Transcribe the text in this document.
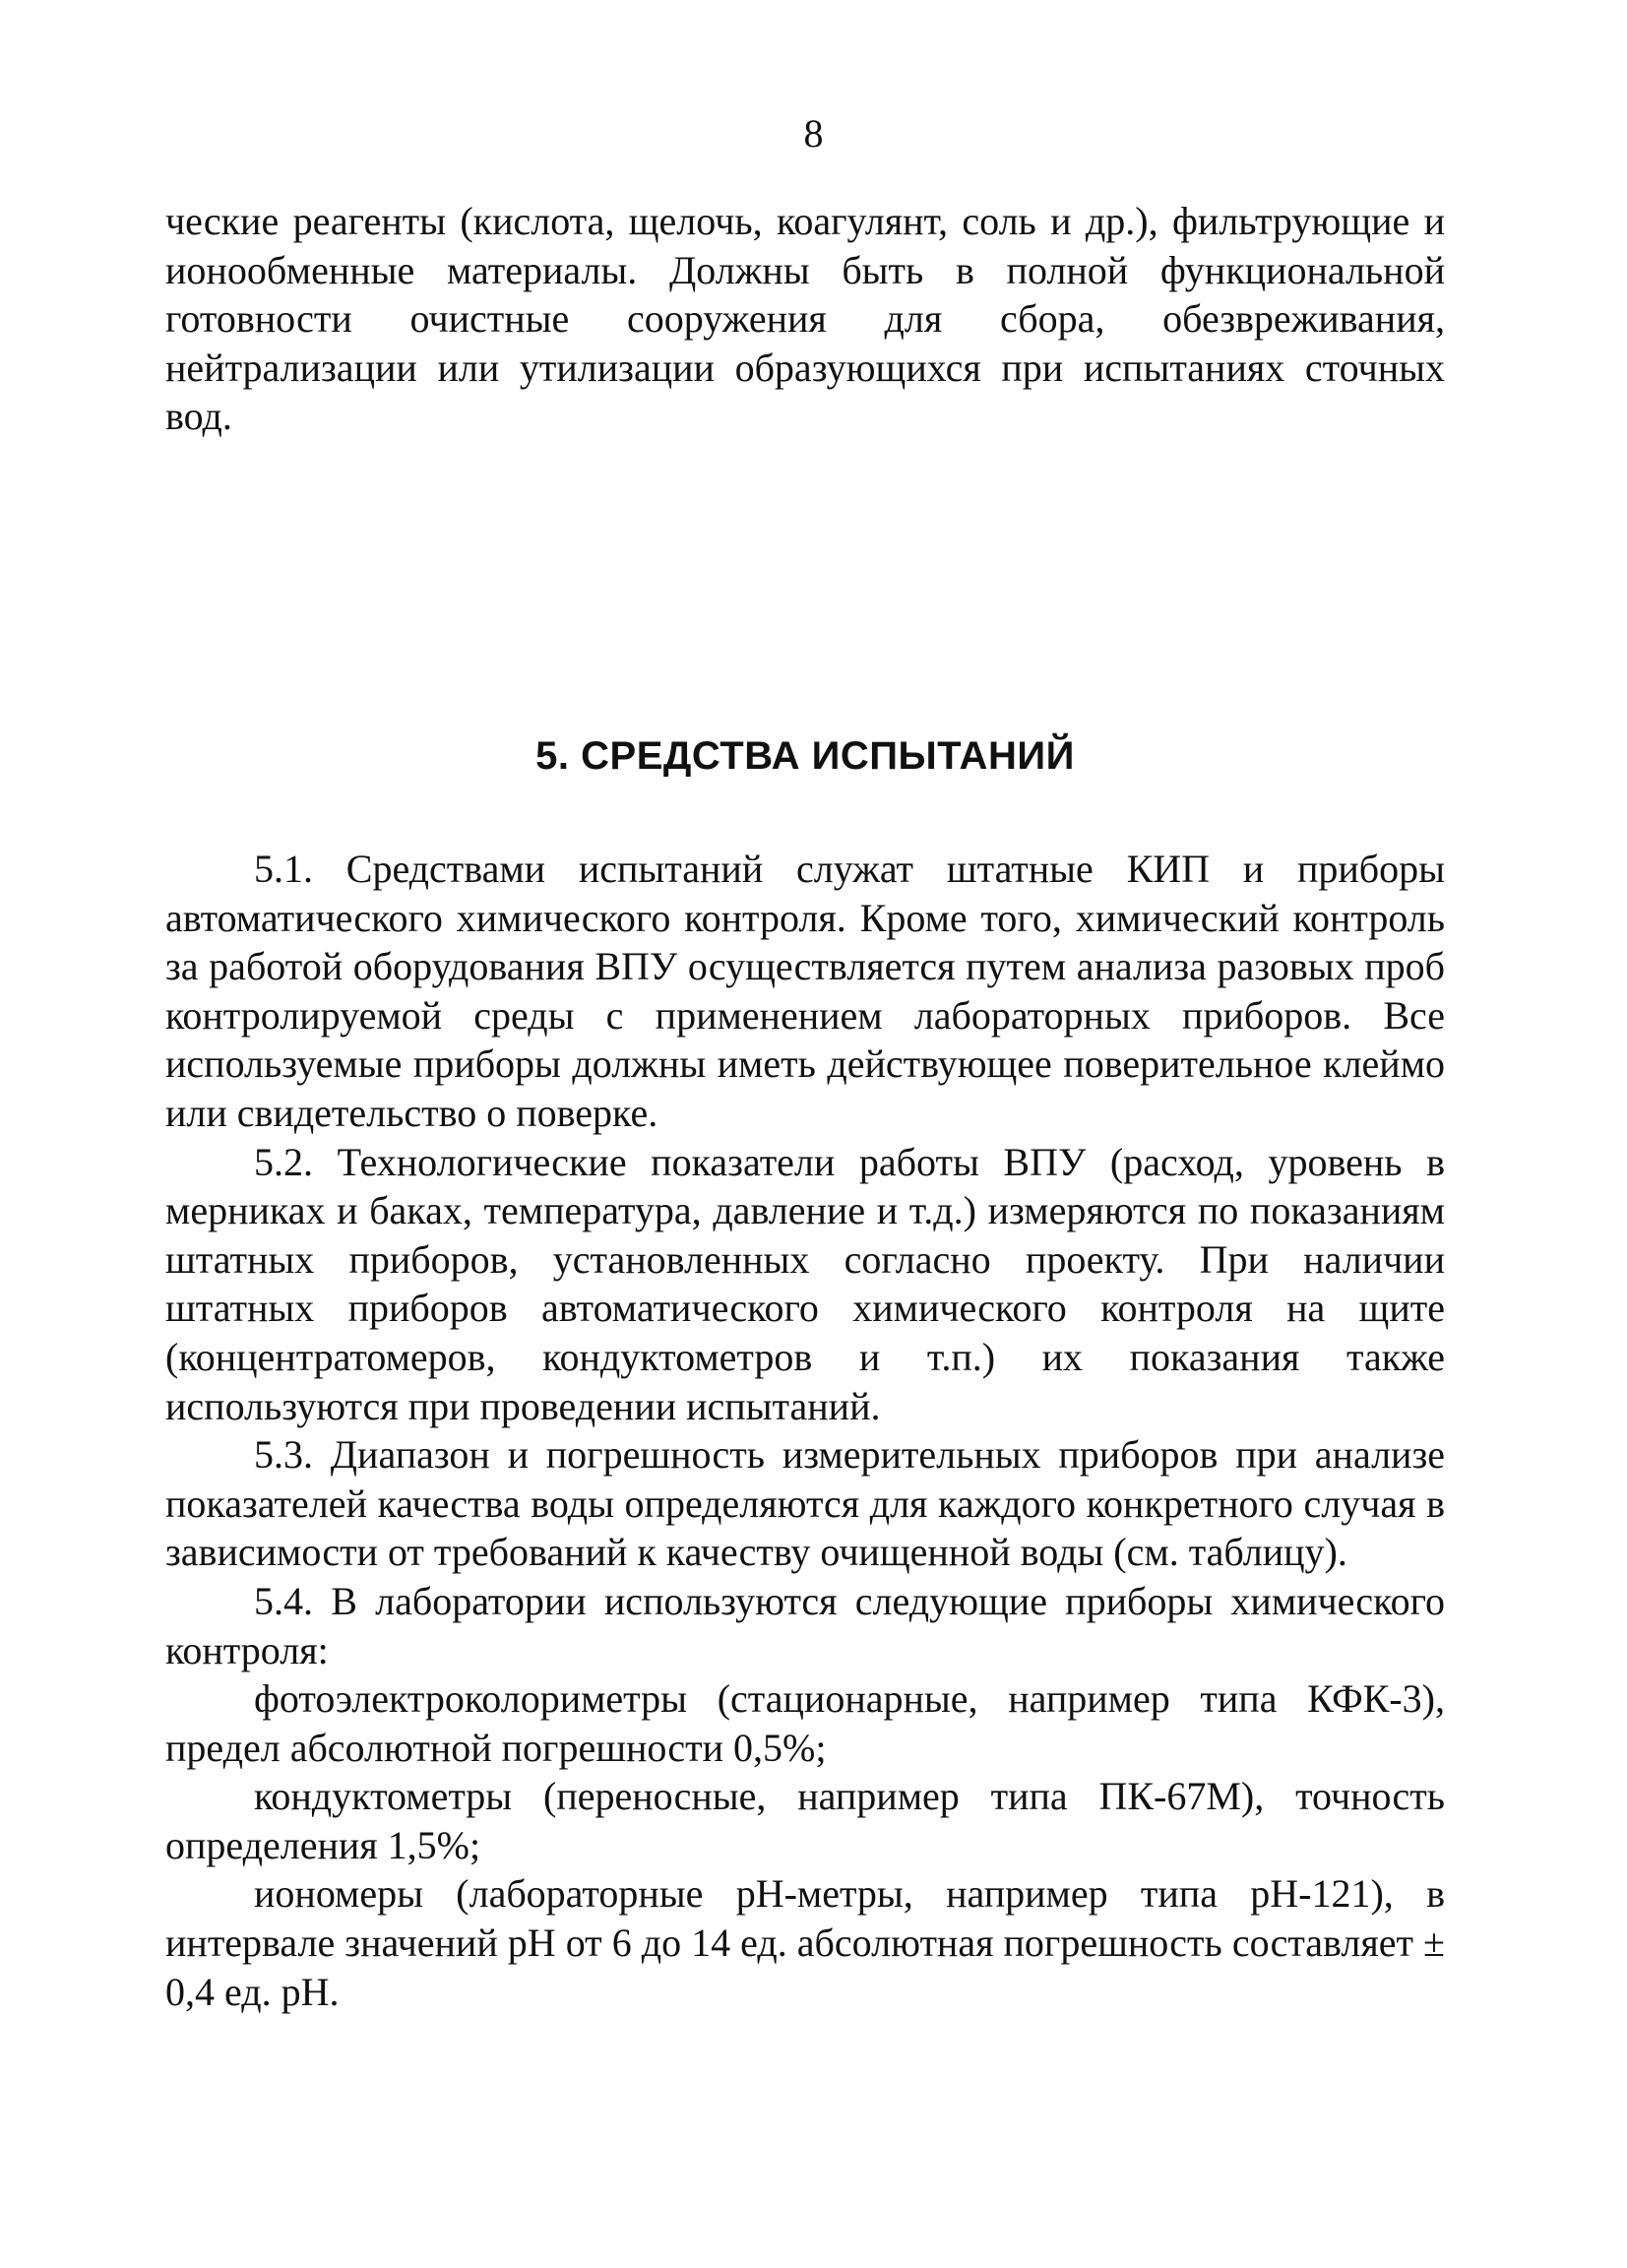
8

ческие реагенты (кислота, щелочь, коагулянт, соль и др.), фильтрующие и ионообменные материалы. Должны быть в полной функциональной готовности очистные сооружения для сбора, обезвреживания, нейтрализации или утилизации образующихся при испытаниях сточных вод.

5. СРЕДСТВА ИСПЫТАНИЙ

5.1. Средствами испытаний служат штатные КИП и приборы автоматического химического контроля. Кроме того, химический контроль за работой оборудования ВПУ осуществляется путем анализа разовых проб контролируемой среды с применением лабораторных приборов. Все используемые приборы должны иметь действующее поверительное клеймо или свидетельство о поверке.

5.2. Технологические показатели работы ВПУ (расход, уровень в мерниках и баках, температура, давление и т.д.) измеряются по показаниям штатных приборов, установленных согласно проекту. При наличии штатных приборов автоматического химического контроля на щите (концентратомеров, кондуктометров и т.п.) их показания также используются при проведении испытаний.

5.3. Диапазон и погрешность измерительных приборов при анализе показателей качества воды определяются для каждого конкретного случая в зависимости от требований к качеству очищенной воды (см. таблицу).

5.4. В лаборатории используются следующие приборы химического контроля:

фотоэлектроколориметры (стационарные, например типа КФК-3), предел абсолютной погрешности 0,5%;

кондуктометры (переносные, например типа ПК-67М), точность определения 1,5%;

иономеры (лабораторные рН-метры, например типа рН-121), в интервале значений рН от 6 до 14 ед. абсолютная погрешность составляет ± 0,4 ед. рН.
